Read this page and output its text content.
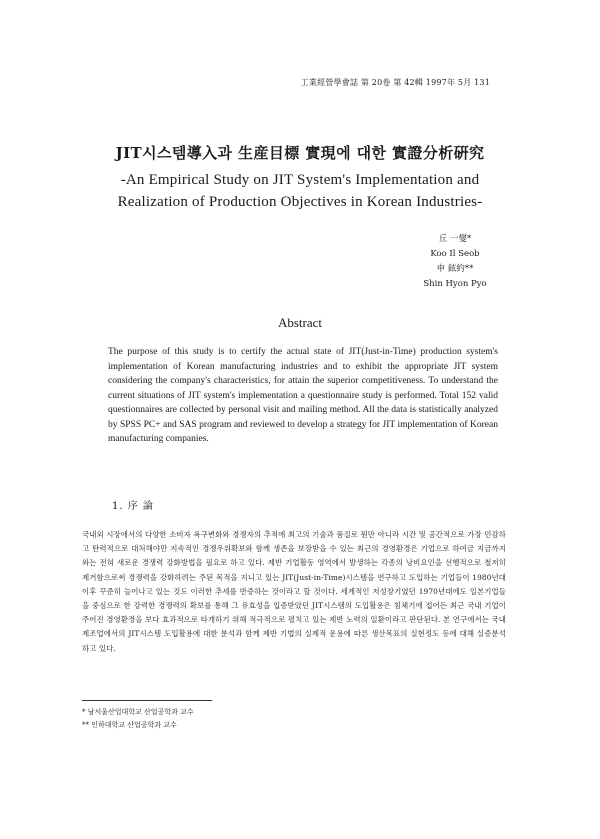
工業經營學會誌 第 20卷 第 42輯 1997年 5月 131
JIT시스템導入과 生産目標 實現에 대한 實證分析硏究
-An Empirical Study on JIT System's Implementation and
Realization of Production Objectives in Korean Industries-
丘 一燮*
Koo Il Seob
申 鉉約**
Shin Hyon Pyo
Abstract
The purpose of this study is to certify the actual state of JIT(Just-in-Time) production system's implementation of Korean manufacturing industries and to exhibit the appropriate JIT system considering the company's characteristics, for attain the superior competitiveness. To understand the current situations of JIT system's implementation a questionnaire study is performed. Total 152 valid questionnaires are collected by personal visit and mailing method. All the data is statistically analyzed by SPSS PC+ and SAS program and reviewed to develop a strategy for JIT implementation of Korean manufacturing companies.
1. 序 論
국내외 시장에서의 다양한 소비자 욕구변화와 경쟁자의 추적에 최고의 기술과 품질로 뭔만 아니라 시간 및 공간적으로 가장 민감하고 탄력적으로 대처해야만 지속적인 경쟁우위확보와 함께 생존을 보장받을 수 있는 최근의 경영환경은 기업으로 하여금 지금까지와는 전혀 새로운 경쟁력 강화방법을 필요로 하고 있다. 제반 기업활동 영역에서 발생하는 각종의 낭비요인을 선행적으로 철저히 제거함으로써 경쟁력을 강화하려는 주된 목적을 지니고 있는 JIT(Just-in-Time)시스템을 연구하고 도입하는 기업들이 1980년대 이후 꾸준히 늘어나고 있는 것도 이러한 추세를 반증하는 것이라고 할 것이다. 세계적인 저성장기였던 1970년대에도 일본기업들을 중심으로 한 강력한 경쟁력의 확보를 통해 그 유효성을 입증받았던 JIT시스템의 도입활용은 침체기에 접어든 최근 국내 기업이 주어진 경영환경을 보다 효과적으로 타개하기 위해 적극적으로 펼치고 있는 제반 노력의 일환이라고 판단된다. 본 연구에서는 국내제조업에서의 JIT시스템 도입활용에 대한 분석과 함께 제반 기법의 실제적 운용에 따른 생산목표의 실현정도 등에 대해 실증분석하고 있다.
* 남서울산업대학교 산업공학과 교수
** 인하대학교 산업공학과 교수
